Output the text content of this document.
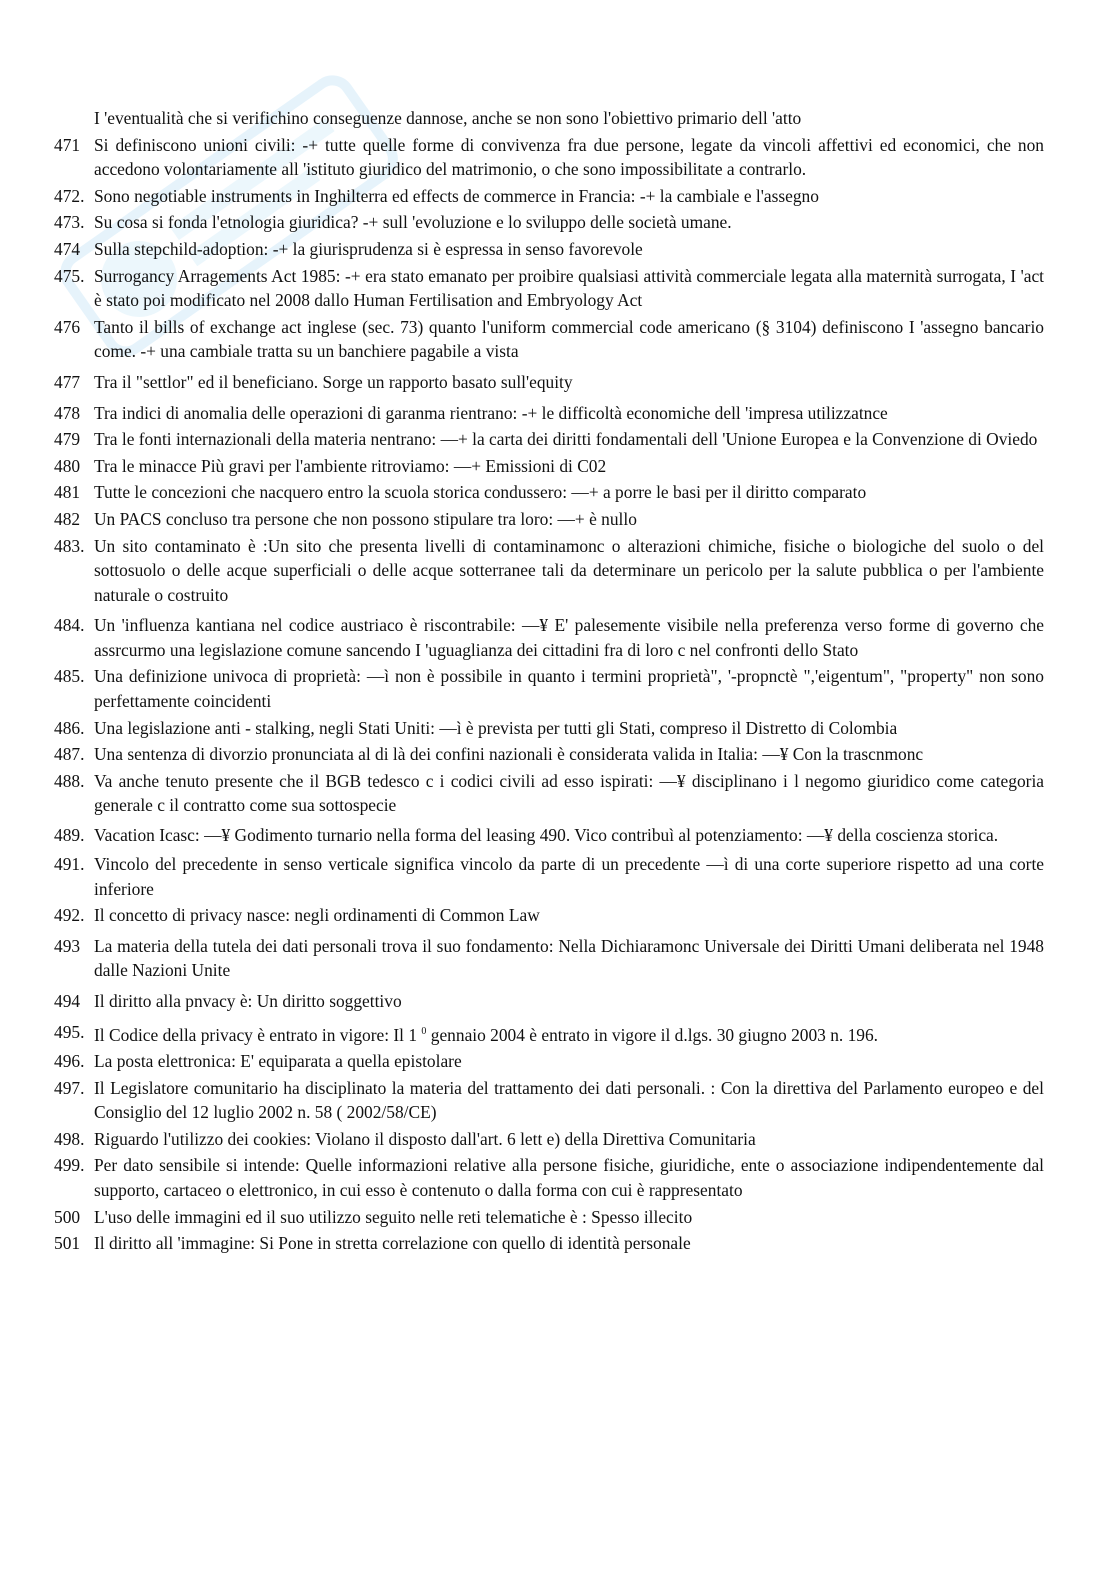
I 'eventualità che si verifichino conseguenze dannose, anche se non sono l'obiettivo primario dell 'atto
471 Si definiscono unioni civili: -+ tutte quelle forme di convivenza fra due persone, legate da vincoli affettivi ed economici, che non accedono volontariamente all 'istituto giuridico del matrimonio, o che sono impossibilitate a contrarlo.
472. Sono negotiable instruments in Inghilterra ed effects de commerce in Francia: -+ la cambiale e l'assegno
473. Su cosa si fonda l'etnologia giuridica? -+ sull 'evoluzione e lo sviluppo delle società umane.
474 Sulla stepchild-adoption: -+ la giurisprudenza si è espressa in senso favorevole
475. Surrogancy Arragements Act 1985: -+ era stato emanato per proibire qualsiasi attività commerciale legata alla maternità surrogata, I 'act è stato poi modificato nel 2008 dallo Human Fertilisation and Embryology Act
476 Tanto il bills of exchange act inglese (sec. 73) quanto l'uniform commercial code americano (§ 3104) definiscono I 'assegno bancario come. -+ una cambiale tratta su un banchiere pagabile a vista
477 Tra il "settlor" ed il beneficiano. Sorge un rapporto basato sull'equity
478 Tra indici di anomalia delle operazioni di garanma rientrano: -+ le difficoltà economiche dell 'impresa utilizzatnce
479 Tra le fonti internazionali della materia nentrano: —+ la carta dei diritti fondamentali dell 'Unione Europea e la Convenzione di Oviedo
480 Tra le minacce Più gravi per l'ambiente ritroviamo: —+ Emissioni di C02
481 Tutte le concezioni che nacquero entro la scuola storica condussero: —+ a porre le basi per il diritto comparato
482 Un PACS concluso tra persone che non possono stipulare tra loro: —+ è nullo
483. Un sito contaminato è :Un sito che presenta livelli di contaminamonc o alterazioni chimiche, fisiche o biologiche del suolo o del sottosuolo o delle acque superficiali o delle acque sotterranee tali da determinare un pericolo per la salute pubblica o per l'ambiente naturale o costruito
484. Un 'influenza kantiana nel codice austriaco è riscontrabile: —¥ E' palesemente visibile nella preferenza verso forme di governo che assrcurmo una legislazione comune sancendo I 'uguaglianza dei cittadini fra di loro c nel confronti dello Stato
485. Una definizione univoca di proprietà: —ì non è possibile in quanto i termini proprietà", '-propnctè ",'eigentum", "property" non sono perfettamente coincidenti
486. Una legislazione anti - stalking, negli Stati Uniti: —ì è prevista per tutti gli Stati, compreso il Distretto di Colombia
487. Una sentenza di divorzio pronunciata al di là dei confini nazionali è considerata valida in Italia: —¥ Con la trascnmonc
488. Va anche tenuto presente che il BGB tedesco c i codici civili ad esso ispirati: —¥ disciplinano i l negomo giuridico come categoria generale c il contratto come sua sottospecie
489. Vacation Icasc: —¥ Godimento turnario nella forma del leasing 490. Vico contribuì al potenziamento: —¥ della coscienza storica.
491. Vincolo del precedente in senso verticale significa vincolo da parte di un precedente —ì di una corte superiore rispetto ad una corte inferiore
492. Il concetto di privacy nasce: negli ordinamenti di Common Law
493 La materia della tutela dei dati personali trova il suo fondamento: Nella Dichiaramonc Universale dei Diritti Umani deliberata nel 1948 dalle Nazioni Unite
494 Il diritto alla pnvacy è: Un diritto soggettivo
495. Il Codice della privacy è entrato in vigore: Il 1 $^0$ gennaio 2004 è entrato in vigore il d.lgs. 30 giugno 2003 n. 196.
496. La posta elettronica: E' equiparata a quella epistolare
497. Il Legislatore comunitario ha disciplinato la materia del trattamento dei dati personali. : Con la direttiva del Parlamento europeo e del Consiglio del 12 luglio 2002 n. 58 ( 2002/58/CE)
498. Riguardo l'utilizzo dei cookies: Violano il disposto dall'art. 6 lett e) della Direttiva Comunitaria
499. Per dato sensibile si intende: Quelle informazioni relative alla persone fisiche, giuridiche, ente o associazione indipendentemente dal supporto, cartaceo o elettronico, in cui esso è contenuto o dalla forma con cui è rappresentato
500 L'uso delle immagini ed il suo utilizzo seguito nelle reti telematiche è : Spesso illecito
501 Il diritto all 'immagine: Si Pone in stretta correlazione con quello di identità personale
